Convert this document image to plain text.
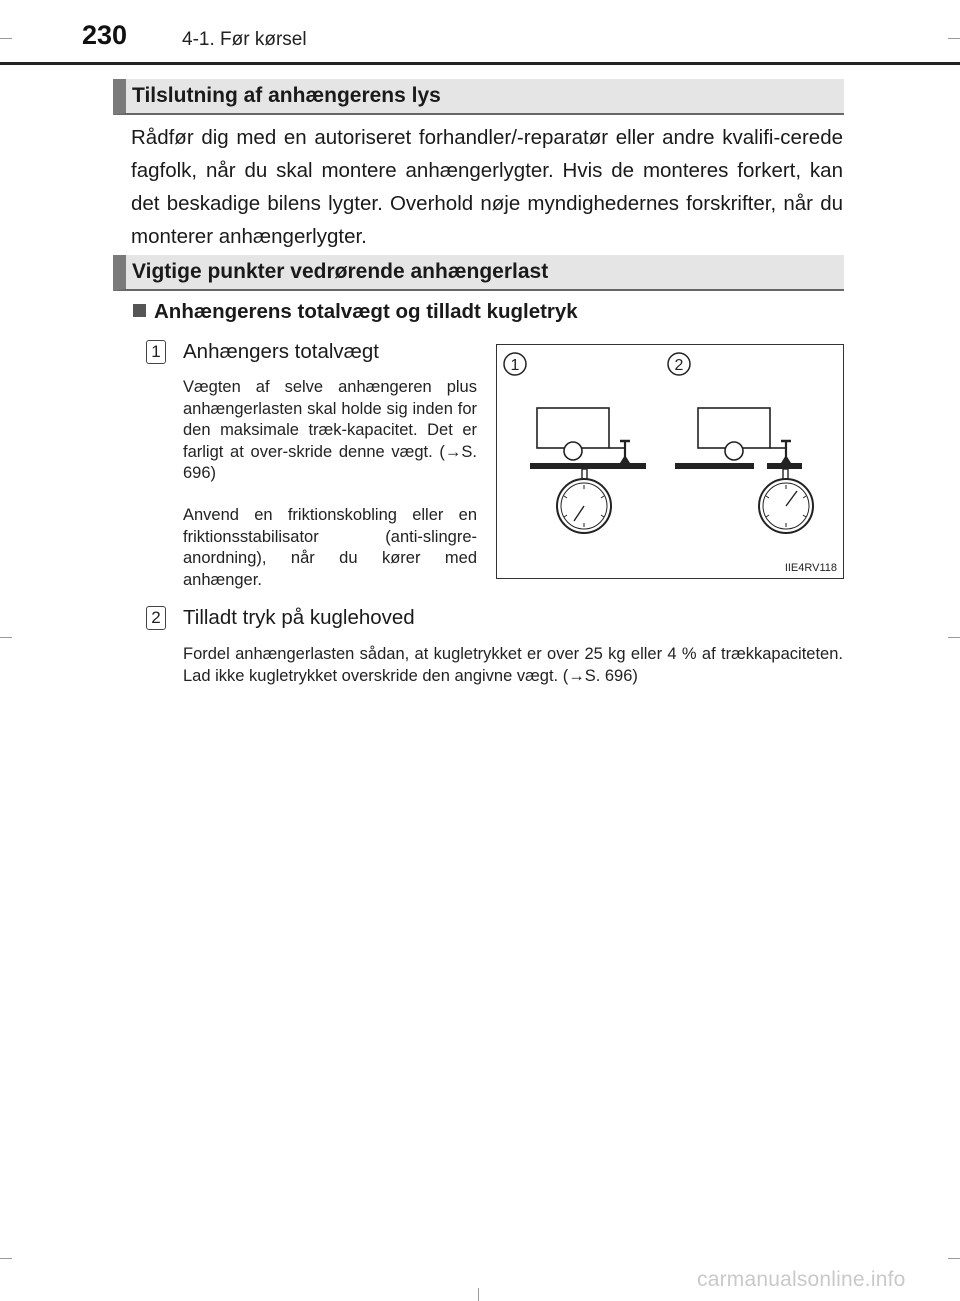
230	4-1. Før kørsel
Tilslutning af anhængerens lys
Rådfør dig med en autoriseret forhandler/-reparatør eller andre kvalifi-cerede fagfolk, når du skal montere anhængerlygter. Hvis de monteres forkert, kan det beskadige bilens lygter. Overhold nøje myndighedernes forskrifter, når du monterer anhængerlygter.
Vigtige punkter vedrørende anhængerlast
Anhængerens totalvægt og tilladt kugletryk
1 Anhængers totalvægt
Vægten af selve anhængeren plus anhængerlasten skal holde sig inden for den maksimale træk-kapacitet. Det er farligt at over-skride denne vægt. (→S. 696)
Anvend en friktionskobling eller en friktionsstabilisator (anti-slingre-anordning), når du kører med anhænger.
2 Tilladt tryk på kuglehoved
Fordel anhængerlasten sådan, at kugletrykket er over 25 kg eller 4 % af trækkapaciteten. Lad ikke kugletrykket overskride den angivne vægt. (→S. 696)
1	2
IIE4RV118
carmanualsonline.info
